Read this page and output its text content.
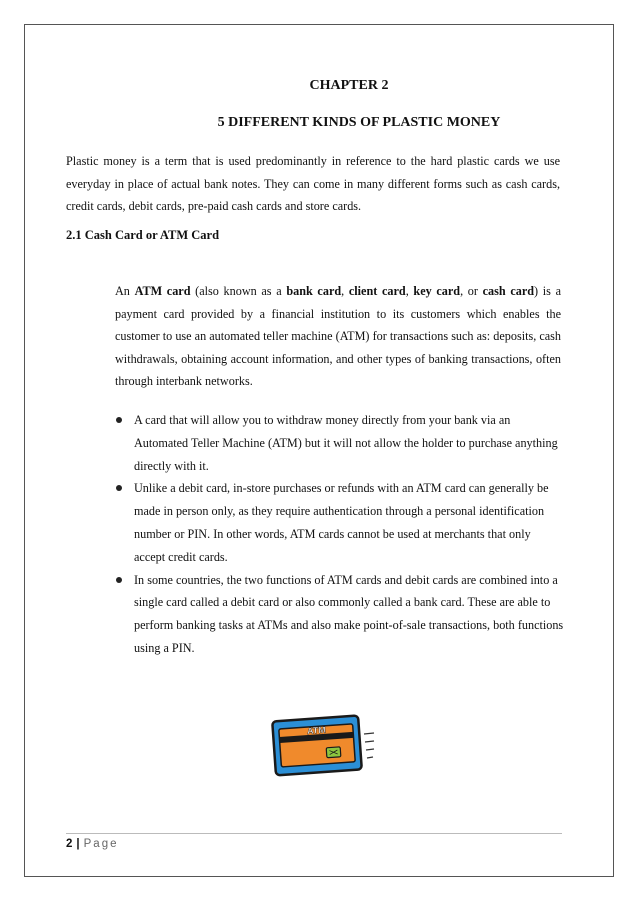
CHAPTER 2
5 DIFFERENT KINDS OF PLASTIC MONEY
Plastic money is a term that is used predominantly in reference to the hard plastic cards we use everyday in place of actual bank notes. They can come in many different forms such as cash cards, credit cards, debit cards, pre-paid cash cards and store cards.
2.1 Cash Card or ATM Card
An ATM card (also known as a bank card, client card, key card, or cash card) is a payment card provided by a financial institution to its customers which enables the customer to use an automated teller machine (ATM) for transactions such as: deposits, cash withdrawals, obtaining account information, and other types of banking transactions, often through interbank networks.
A card that will allow you to withdraw money directly from your bank via an Automated Teller Machine (ATM) but it will not allow the holder to purchase anything directly with it.
Unlike a debit card, in-store purchases or refunds with an ATM card can generally be made in person only, as they require authentication through a personal identification number or PIN. In other words, ATM cards cannot be used at merchants that only accept credit cards.
In some countries, the two functions of ATM cards and debit cards are combined into a single card called a debit card or also commonly called a bank card. These are able to perform banking tasks at ATMs and also make point-of-sale transactions, both functions using a PIN.
ATM
2 | Page
